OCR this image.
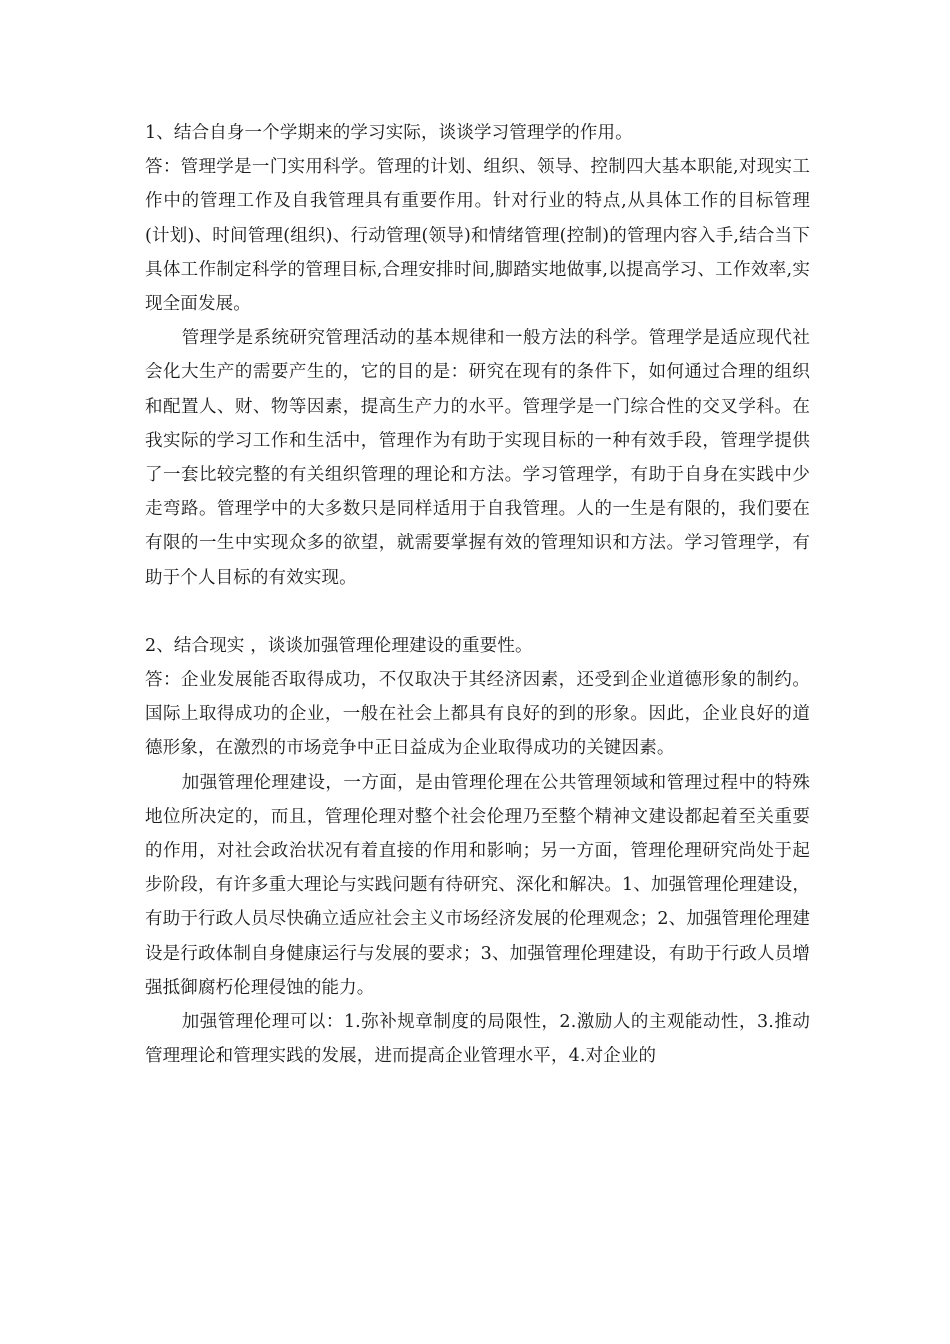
1、结合自身一个学期来的学习实际，谈谈学习管理学的作用。

答：管理学是一门实用科学。管理的计划、组织、领导、控制四大基本职能,对现实工作中的管理工作及自我管理具有重要作用。针对行业的特点,从具体工作的目标管理(计划)、时间管理(组织)、行动管理(领导)和情绪管理(控制)的管理内容入手,结合当下具体工作制定科学的管理目标,合理安排时间,脚踏实地做事,以提高学习、工作效率,实现全面发展。

管理学是系统研究管理活动的基本规律和一般方法的科学。管理学是适应现代社会化大生产的需要产生的，它的目的是：研究在现有的条件下，如何通过合理的组织和配置人、财、物等因素，提高生产力的水平。管理学是一门综合性的交叉学科。在我实际的学习工作和生活中，管理作为有助于实现目标的一种有效手段，管理学提供了一套比较完整的有关组织管理的理论和方法。学习管理学，有助于自身在实践中少走弯路。管理学中的大多数只是同样适用于自我管理。人的一生是有限的，我们要在有限的一生中实现众多的欲望，就需要掌握有效的管理知识和方法。学习管理学，有助于个人目标的有效实现。

2、结合现实 ，谈谈加强管理伦理建设的重要性。

答：企业发展能否取得成功，不仅取决于其经济因素，还受到企业道德形象的制约。国际上取得成功的企业，一般在社会上都具有良好的到的形象。因此，企业良好的道德形象，在激烈的市场竞争中正日益成为企业取得成功的关键因素。

加强管理伦理建设，一方面，是由管理伦理在公共管理领域和管理过程中的特殊地位所决定的，而且，管理伦理对整个社会伦理乃至整个精神文建设都起着至关重要的作用，对社会政治状况有着直接的作用和影响；另一方面，管理伦理研究尚处于起步阶段，有许多重大理论与实践问题有待研究、深化和解决。1、加强管理伦理建设，有助于行政人员尽快确立适应社会主义市场经济发展的伦理观念；2、加强管理伦理建设是行政体制自身健康运行与发展的要求；3、加强管理伦理建设，有助于行政人员增强抵御腐朽伦理侵蚀的能力。

加强管理伦理可以：1.弥补规章制度的局限性，2.激励人的主观能动性，3.推动管理理论和管理实践的发展，进而提高企业管理水平，4.对企业的
